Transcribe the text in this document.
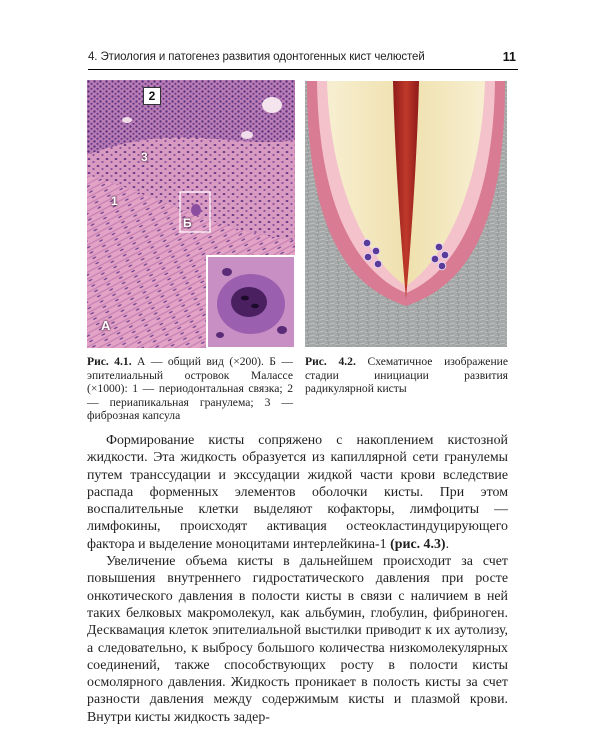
4. Этиология и патогенез развития одонтогенных кист челюстей	11
2
3
1
Б
А
Рис. 4.1. А — общий вид (×200). Б — эпителиальный островок Малассе (×1000): 1 — периодонтальная связка; 2 — периапикальная гранулема; 3 — фиброзная капсула
Рис. 4.2. Схематичное изображение стадии инициации развития радикулярной кисты

Формирование кисты сопряжено с накоплением кистозной жидкости. Эта жидкость образуется из капиллярной сети гранулемы путем транссудации и экссудации жидкой части крови вследствие распада форменных элементов оболочки кисты. При этом воспалительные клетки выделяют кофакторы, лимфоциты — лимфокины, происходят активация остеокластиндуцирующего фактора и выделение моноцитами интерлейкина-1 (рис. 4.3).

Увеличение объема кисты в дальнейшем происходит за счет повышения внутреннего гидростатического давления при росте онкотического давления в полости кисты в связи с наличием в ней таких белковых макромолекул, как альбумин, глобулин, фибриноген. Десквамация клеток эпителиальной выстилки приводит к их аутолизу, а следовательно, к выбросу большого количества низкомолекулярных соединений, также способствующих росту в полости кисты осмолярного давления. Жидкость проникает в полость кисты за счет разности давления между содержимым кисты и плазмой крови. Внутри кисты жидкость задер-
